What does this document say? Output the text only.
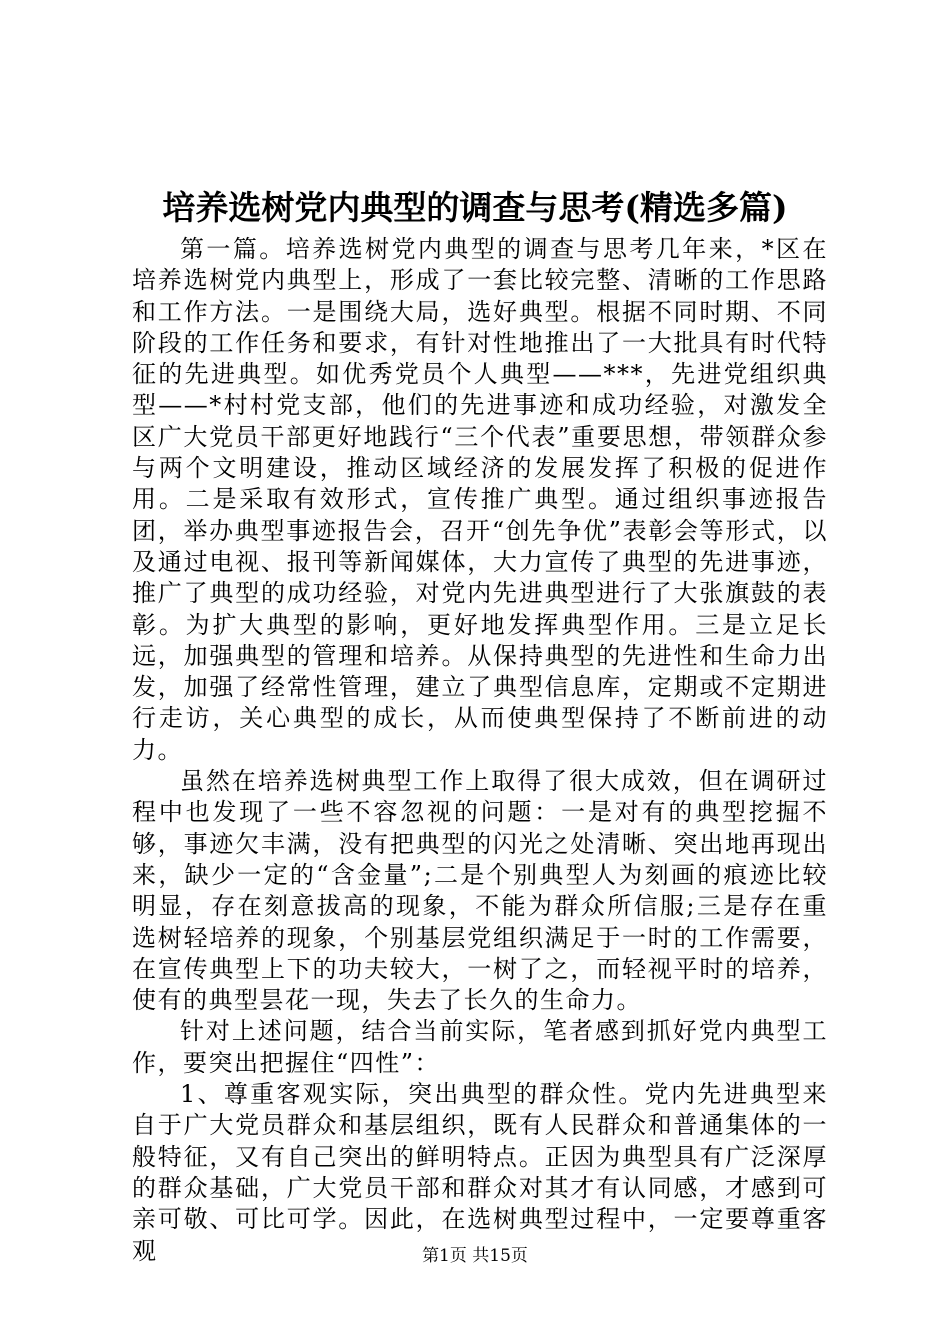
培养选树党内典型的调查与思考(精选多篇)

第一篇。培养选树党内典型的调查与思考几年来，*区在培养选树党内典型上，形成了一套比较完整、清晰的工作思路和工作方法。一是围绕大局，选好典型。根据不同时期、不同阶段的工作任务和要求，有针对性地推出了一大批具有时代特征的先进典型。如优秀党员个人典型——***，先进党组织典型——*村村党支部，他们的先进事迹和成功经验，对激发全区广大党员干部更好地践行“三个代表”重要思想，带领群众参与两个文明建设，推动区域经济的发展发挥了积极的促进作用。二是采取有效形式，宣传推广典型。通过组织事迹报告团，举办典型事迹报告会，召开“创先争优”表彰会等形式，以及通过电视、报刊等新闻媒体，大力宣传了典型的先进事迹，推广了典型的成功经验，对党内先进典型进行了大张旗鼓的表彰。为扩大典型的影响，更好地发挥典型作用。三是立足长远，加强典型的管理和培养。从保持典型的先进性和生命力出发，加强了经常性管理，建立了典型信息库，定期或不定期进行走访，关心典型的成长，从而使典型保持了不断前进的动力。

虽然在培养选树典型工作上取得了很大成效，但在调研过程中也发现了一些不容忽视的问题：一是对有的典型挖掘不够，事迹欠丰满，没有把典型的闪光之处清晰、突出地再现出来，缺少一定的“含金量”;二是个别典型人为刻画的痕迹比较明显，存在刻意拔高的现象，不能为群众所信服;三是存在重选树轻培养的现象，个别基层党组织满足于一时的工作需要，在宣传典型上下的功夫较大，一树了之，而轻视平时的培养，使有的典型昙花一现，失去了长久的生命力。

针对上述问题，结合当前实际，笔者感到抓好党内典型工作，要突出把握住“四性”：

1、尊重客观实际，突出典型的群众性。党内先进典型来自于广大党员群众和基层组织，既有人民群众和普通集体的一般特征，又有自己突出的鲜明特点。正因为典型具有广泛深厚的群众基础，广大党员干部和群众对其才有认同感，才感到可亲可敬、可比可学。因此，在选树典型过程中，一定要尊重客观	第1页 共15页
